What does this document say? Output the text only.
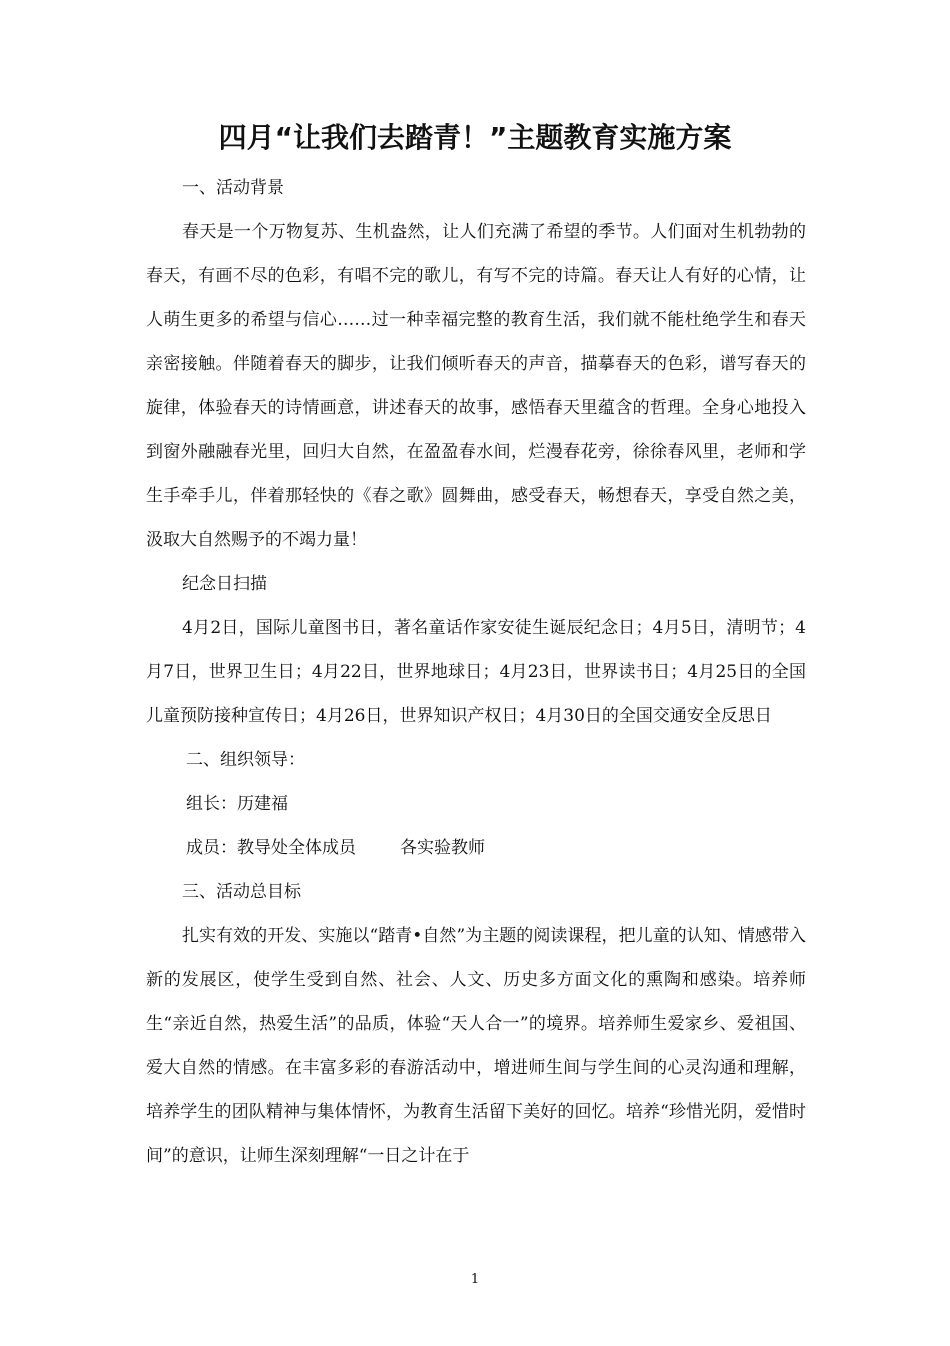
四月“让我们去踏青！”主题教育实施方案

一、活动背景

春天是一个万物复苏、生机盎然，让人们充满了希望的季节。人们面对生机勃勃的春天，有画不尽的色彩，有唱不完的歌儿，有写不完的诗篇。春天让人有好的心情，让人萌生更多的希望与信心……过一种幸福完整的教育生活，我们就不能杜绝学生和春天亲密接触。伴随着春天的脚步，让我们倾听春天的声音，描摹春天的色彩，谱写春天的旋律，体验春天的诗情画意，讲述春天的故事，感悟春天里蕴含的哲理。全身心地投入到窗外融融春光里，回归大自然，在盈盈春水间，烂漫春花旁，徐徐春风里，老师和学生手牵手儿，伴着那轻快的《春之歌》圆舞曲，感受春天，畅想春天，享受自然之美，汲取大自然赐予的不竭力量！

纪念日扫描

4月2日，国际儿童图书日，著名童话作家安徒生诞辰纪念日；4月5日，清明节；4月7日，世界卫生日；4月22日，世界地球日；4月23日，世界读书日；4月25日的全国儿童预防接种宣传日；4月26日，世界知识产权日；4月30日的全国交通安全反思日

二、组织领导：

组长：历建福

成员：教导处全体成员	各实验教师

三、活动总目标

扎实有效的开发、实施以“踏青•自然”为主题的阅读课程，把儿童的认知、情感带入新的发展区，使学生受到自然、社会、人文、历史多方面文化的熏陶和感染。培养师生“亲近自然，热爱生活”的品质，体验“天人合一”的境界。培养师生爱家乡、爱祖国、爱大自然的情感。在丰富多彩的春游活动中，增进师生间与学生间的心灵沟通和理解，培养学生的团队精神与集体情怀，为教育生活留下美好的回忆。培养“珍惜光阴，爱惜时间”的意识，让师生深刻理解“一日之计在于

1
